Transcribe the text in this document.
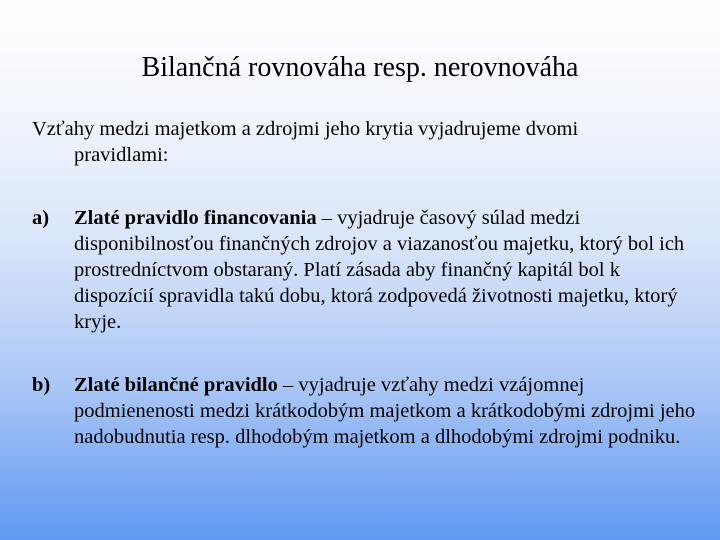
Bilančná rovnováha resp. nerovnováha
Vzťahy medzi majetkom a zdrojmi jeho krytia vyjadrujeme dvomi
pravidlami:
a)	Zlaté pravidlo financovania – vyjadruje časový súlad medzi disponibilnosťou finančných zdrojov a viazanosťou majetku, ktorý bol ich prostredníctvom obstaraný. Platí zásada aby finančný kapitál bol k dispozícií spravidla takú dobu, ktorá zodpovedá životnosti majetku, ktorý kryje.
b)	Zlaté bilančné pravidlo – vyjadruje vzťahy medzi vzájomnej podmienenosti medzi krátkodobým majetkom a krátkodobými zdrojmi jeho nadobudnutia resp. dlhodobým majetkom a dlhodobými zdrojmi podniku.
